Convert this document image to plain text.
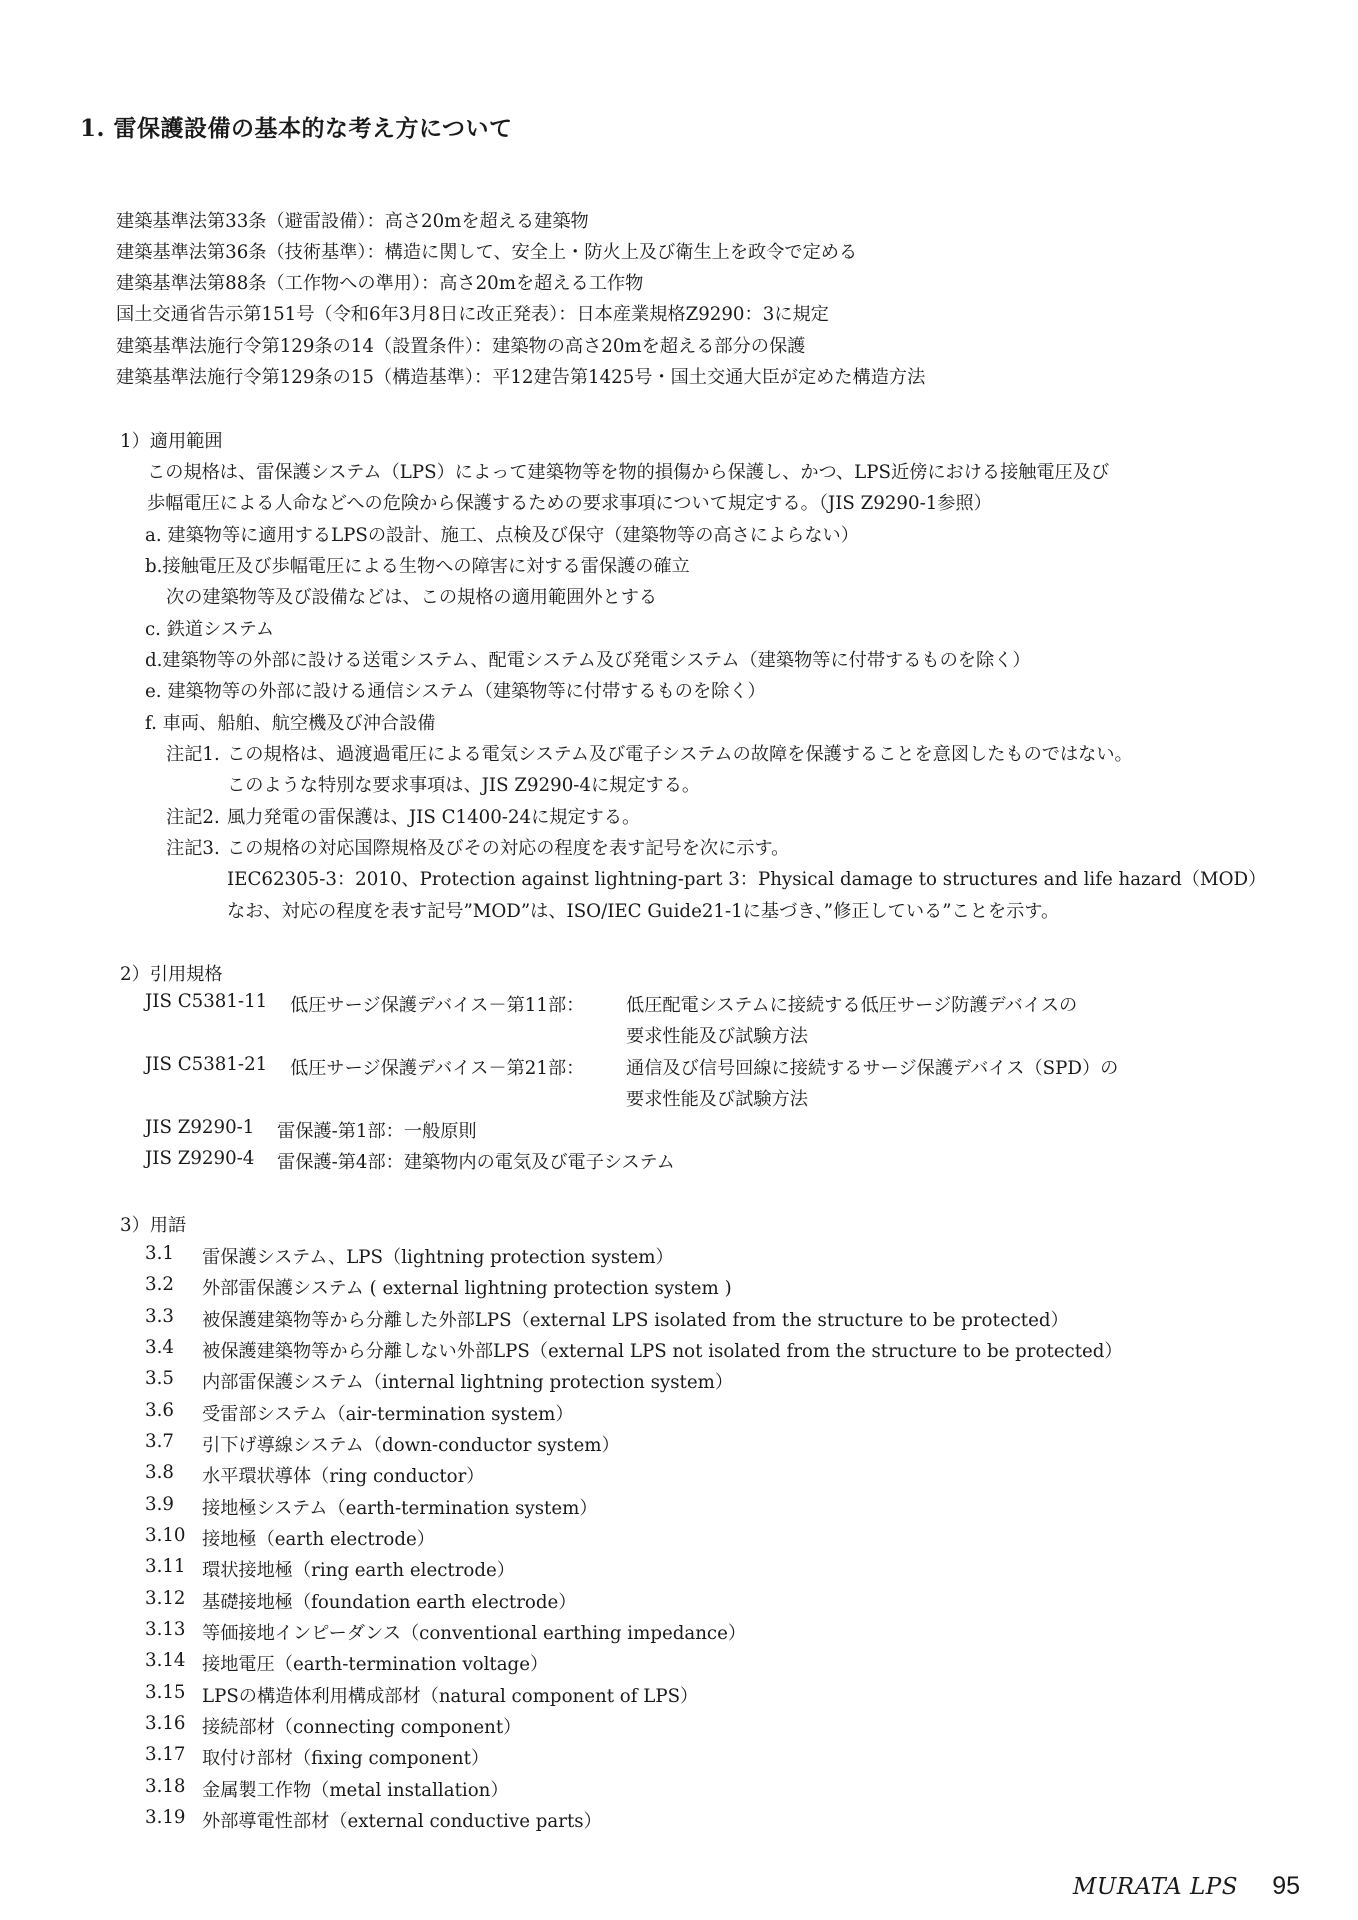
1. 雷保護設備の基本的な考え方について
建築基準法第33条（避雷設備）：高さ20mを超える建築物
建築基準法第36条（技術基準）：構造に関して、安全上・防火上及び衛生上を政令で定める
建築基準法第88条（工作物への準用）：高さ20mを超える工作物
国土交通省告示第151号（令和6年3月8日に改正発表）：日本産業規格Z9290：3に規定
建築基準法施行令第129条の14（設置条件）：建築物の高さ20mを超える部分の保護
建築基準法施行令第129条の15（構造基準）：平12建告第1425号・国土交通大臣が定めた構造方法
1）適用範囲
この規格は、雷保護システム（LPS）によって建築物等を物的損傷から保護し、かつ、LPS近傍における接触電圧及び
歩幅電圧による人命などへの危険から保護するための要求事項について規定する。（JIS Z9290-1参照）
a. 建築物等に適用するLPSの設計、施工、点検及び保守（建築物等の高さによらない）
b.接触電圧及び歩幅電圧による生物への障害に対する雷保護の確立
次の建築物等及び設備などは、この規格の適用範囲外とする
c. 鉄道システム
d.建築物等の外部に設ける送電システム、配電システム及び発電システム（建築物等に付帯するものを除く）
e. 建築物等の外部に設ける通信システム（建築物等に付帯するものを除く）
f. 車両、船舶、航空機及び沖合設備
注記1. この規格は、過渡過電圧による電気システム及び電子システムの故障を保護することを意図したものではない。
このような特別な要求事項は、JIS Z9290-4に規定する。
注記2. 風力発電の雷保護は、JIS C1400-24に規定する。
注記3. この規格の対応国際規格及びその対応の程度を表す記号を次に示す。
IEC62305-3：2010、Protection against lightning-part 3：Physical damage to structures and life hazard（MOD）
なお、対応の程度を表す記号”MOD”は、ISO/IEC Guide21-1に基づき、”修正している”ことを示す。
2）引用規格
JIS C5381-11 低圧サージ保護デバイス－第11部： 低圧配電システムに接続する低圧サージ防護デバイスの
要求性能及び試験方法
JIS C5381-21 低圧サージ保護デバイス－第21部： 通信及び信号回線に接続するサージ保護デバイス（SPD）の
要求性能及び試験方法
JIS Z9290-1 雷保護-第1部：一般原則
JIS Z9290-4 雷保護-第4部：建築物内の電気及び電子システム
3）用語
3.1 雷保護システム、LPS（lightning protection system）
3.2 外部雷保護システム ( external lightning protection system )
3.3 被保護建築物等から分離した外部LPS（external LPS isolated from the structure to be protected）
3.4 被保護建築物等から分離しない外部LPS（external LPS not isolated from the structure to be protected）
3.5 内部雷保護システム（internal lightning protection system）
3.6 受雷部システム（air-termination system）
3.7 引下げ導線システム（down-conductor system）
3.8 水平環状導体（ring conductor）
3.9 接地極システム（earth-termination system）
3.10 接地極（earth electrode）
3.11 環状接地極（ring earth electrode）
3.12 基礎接地極（foundation earth electrode）
3.13 等価接地インピーダンス（conventional earthing impedance）
3.14 接地電圧（earth-termination voltage）
3.15 LPSの構造体利用構成部材（natural component of LPS）
3.16 接続部材（connecting component）
3.17 取付け部材（fixing component）
3.18 金属製工作物（metal installation）
3.19 外部導電性部材（external conductive parts）
MURATA LPS 95
